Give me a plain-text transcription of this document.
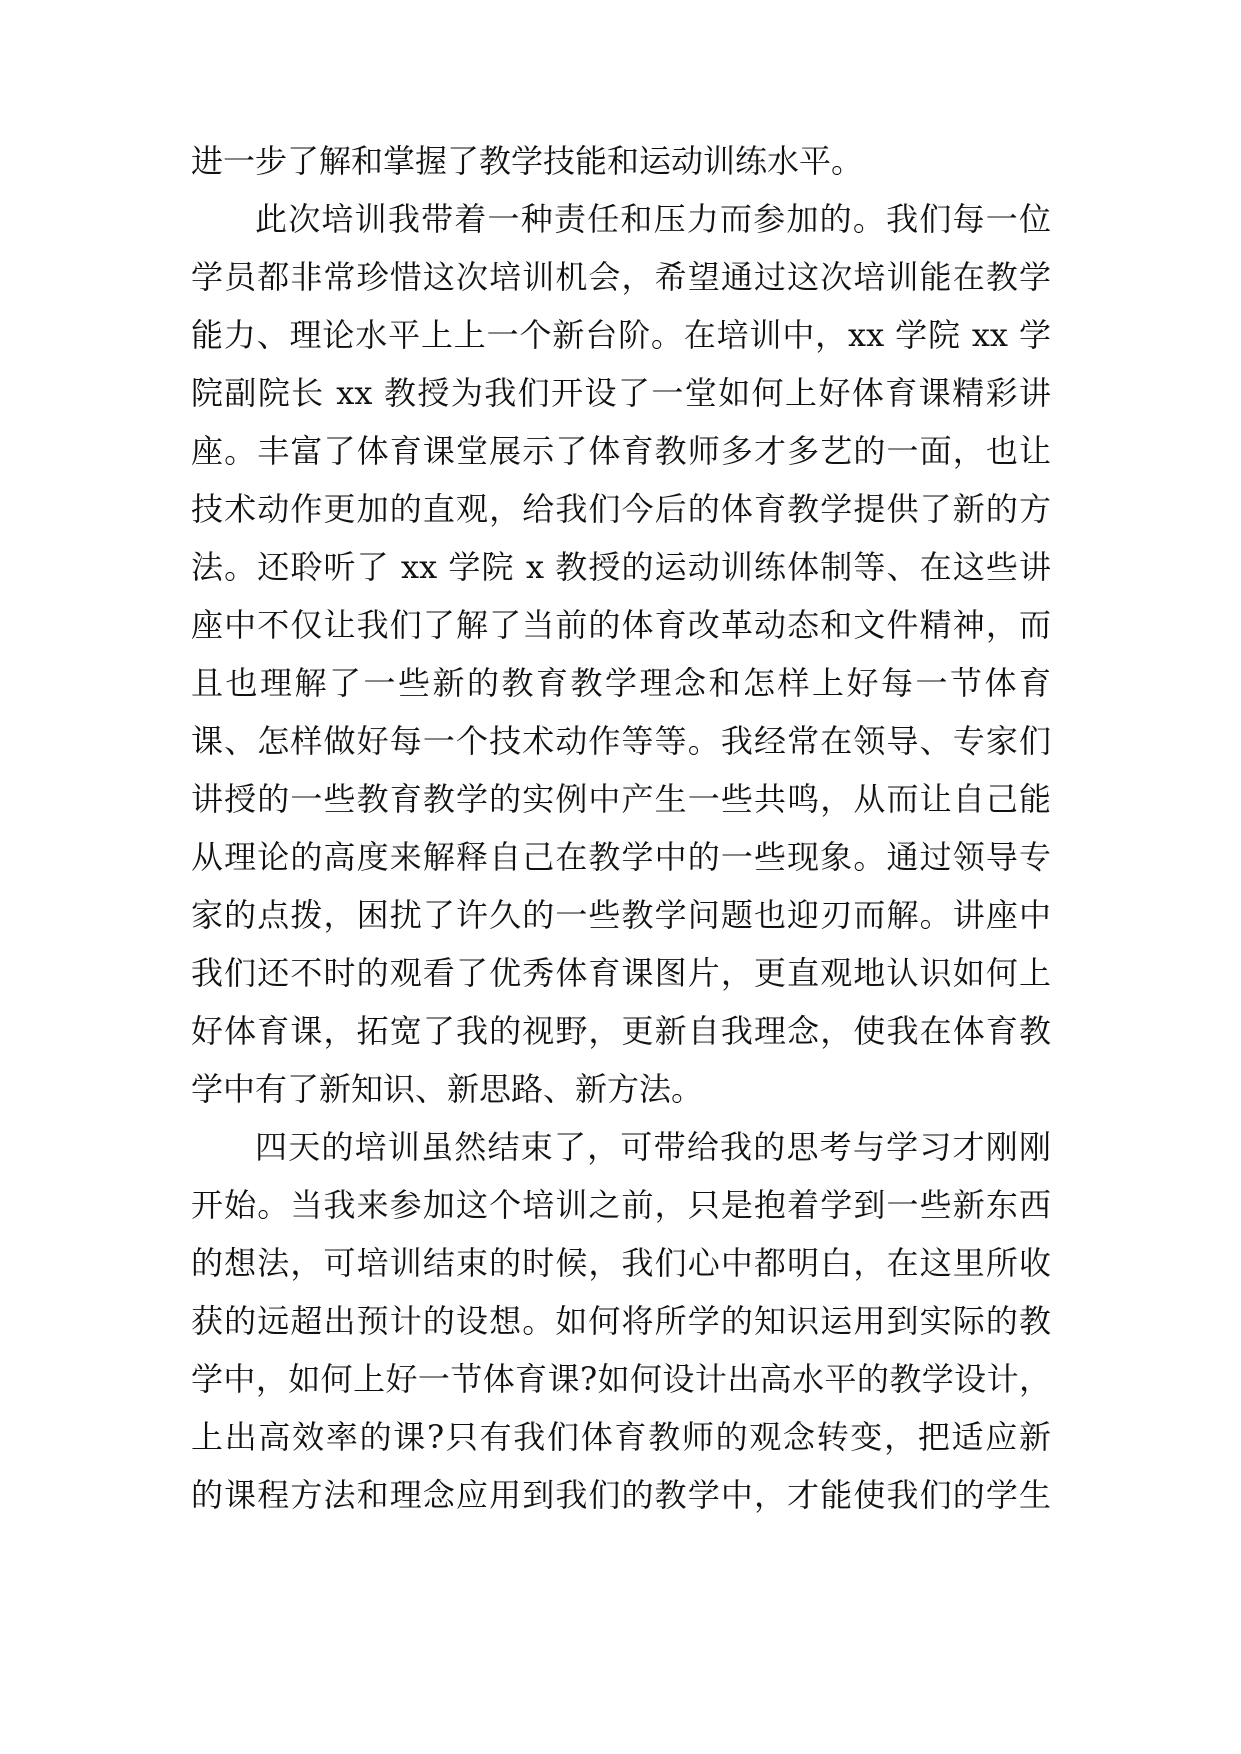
进一步了解和掌握了教学技能和运动训练水平。
此次培训我带着一种责任和压力而参加的。我们每一位
学员都非常珍惜这次培训机会，希望通过这次培训能在教学
能力、理论水平上上一个新台阶。在培训中，xx 学院 xx 学
院副院长 xx 教授为我们开设了一堂如何上好体育课精彩讲
座。丰富了体育课堂展示了体育教师多才多艺的一面，也让
技术动作更加的直观，给我们今后的体育教学提供了新的方
法。还聆听了 xx 学院 x 教授的运动训练体制等、在这些讲
座中不仅让我们了解了当前的体育改革动态和文件精神，而
且也理解了一些新的教育教学理念和怎样上好每一节体育
课、怎样做好每一个技术动作等等。我经常在领导、专家们
讲授的一些教育教学的实例中产生一些共鸣，从而让自己能
从理论的高度来解释自己在教学中的一些现象。通过领导专
家的点拨，困扰了许久的一些教学问题也迎刃而解。讲座中
我们还不时的观看了优秀体育课图片，更直观地认识如何上
好体育课，拓宽了我的视野，更新自我理念，使我在体育教
学中有了新知识、新思路、新方法。
四天的培训虽然结束了，可带给我的思考与学习才刚刚
开始。当我来参加这个培训之前，只是抱着学到一些新东西
的想法，可培训结束的时候，我们心中都明白，在这里所收
获的远超出预计的设想。如何将所学的知识运用到实际的教
学中，如何上好一节体育课?如何设计出高水平的教学设计，
上出高效率的课?只有我们体育教师的观念转变，把适应新
的课程方法和理念应用到我们的教学中，才能使我们的学生
